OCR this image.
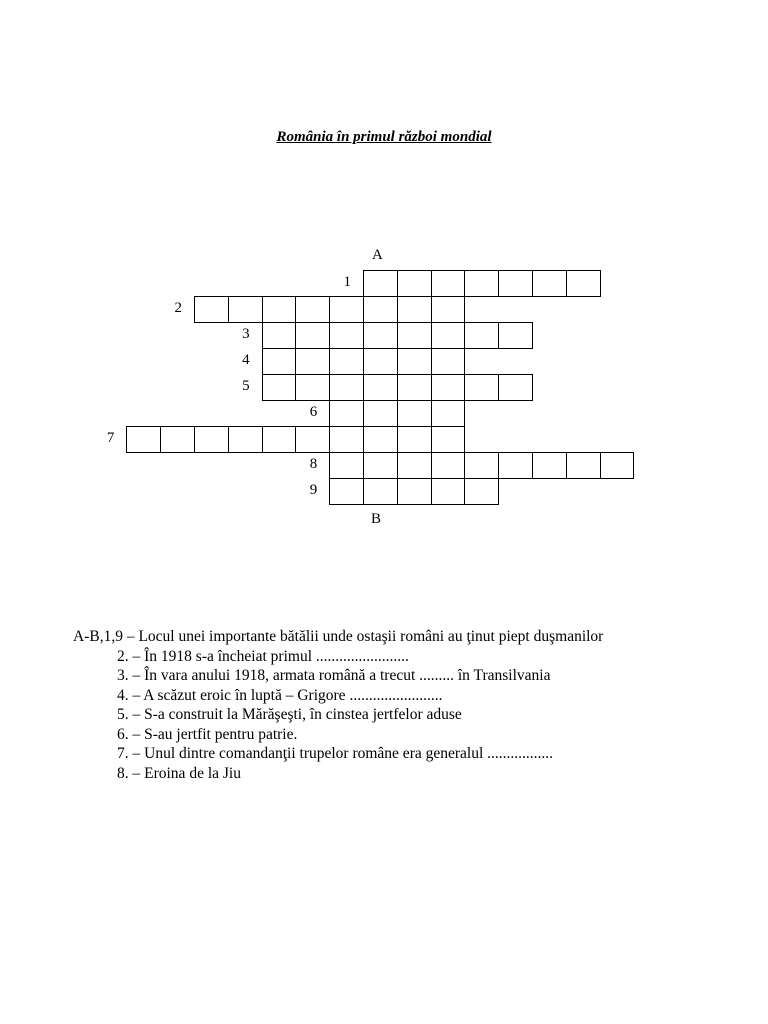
România în primul război mondial
A
B
1
2
3
4
5
6
7
8
9
A-B,1,9 – Locul unei importante bătălii unde ostaşii români au ţinut piept duşmanilor
2. – În 1918 s-a încheiat primul ........................
3. – În vara anului 1918, armata română a trecut ......... în Transilvania
4. – A scăzut eroic în luptă – Grigore ........................
5. – S-a construit la Mărăşeşti, în cinstea jertfelor aduse
6. – S-au jertfit pentru patrie.
7. – Unul dintre comandanţii trupelor române era generalul .................
8. – Eroina de la Jiu
